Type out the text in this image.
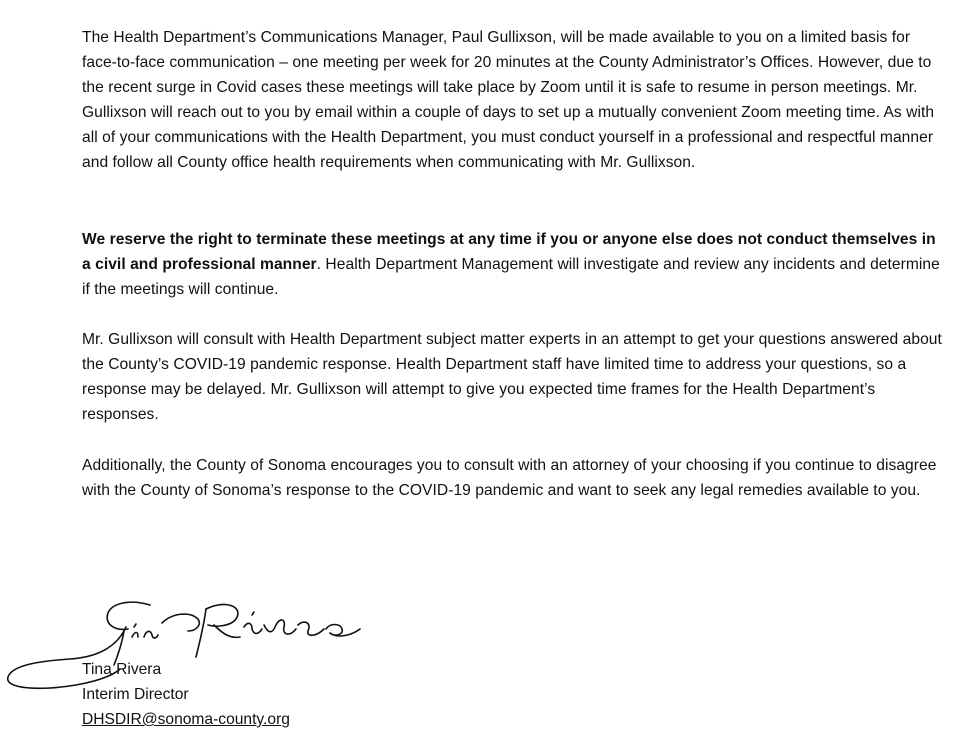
The Health Department’s Communications Manager, Paul Gullixson, will be made available to you on a limited basis for face-to-face communication – one meeting per week for 20 minutes at the County Administrator’s Offices. However, due to the recent surge in Covid cases these meetings will take place by Zoom until it is safe to resume in person meetings. Mr. Gullixson will reach out to you by email within a couple of days to set up a mutually convenient Zoom meeting time. As with all of your communications with the Health Department, you must conduct yourself in a professional and respectful manner and follow all County office health requirements when communicating with Mr. Gullixson.

We reserve the right to terminate these meetings at any time if you or anyone else does not conduct themselves in a civil and professional manner. Health Department Management will investigate and review any incidents and determine if the meetings will continue.

Mr. Gullixson will consult with Health Department subject matter experts in an attempt to get your questions answered about the County’s COVID-19 pandemic response. Health Department staff have limited time to address your questions, so a response may be delayed. Mr. Gullixson will attempt to give you expected time frames for the Health Department’s responses.

Additionally, the County of Sonoma encourages you to consult with an attorney of your choosing if you continue to disagree with the County of Sonoma’s response to the COVID-19 pandemic and want to seek any legal remedies available to you.

Tina Rivera
Interim Director
DHSDIR@sonoma-county.org
